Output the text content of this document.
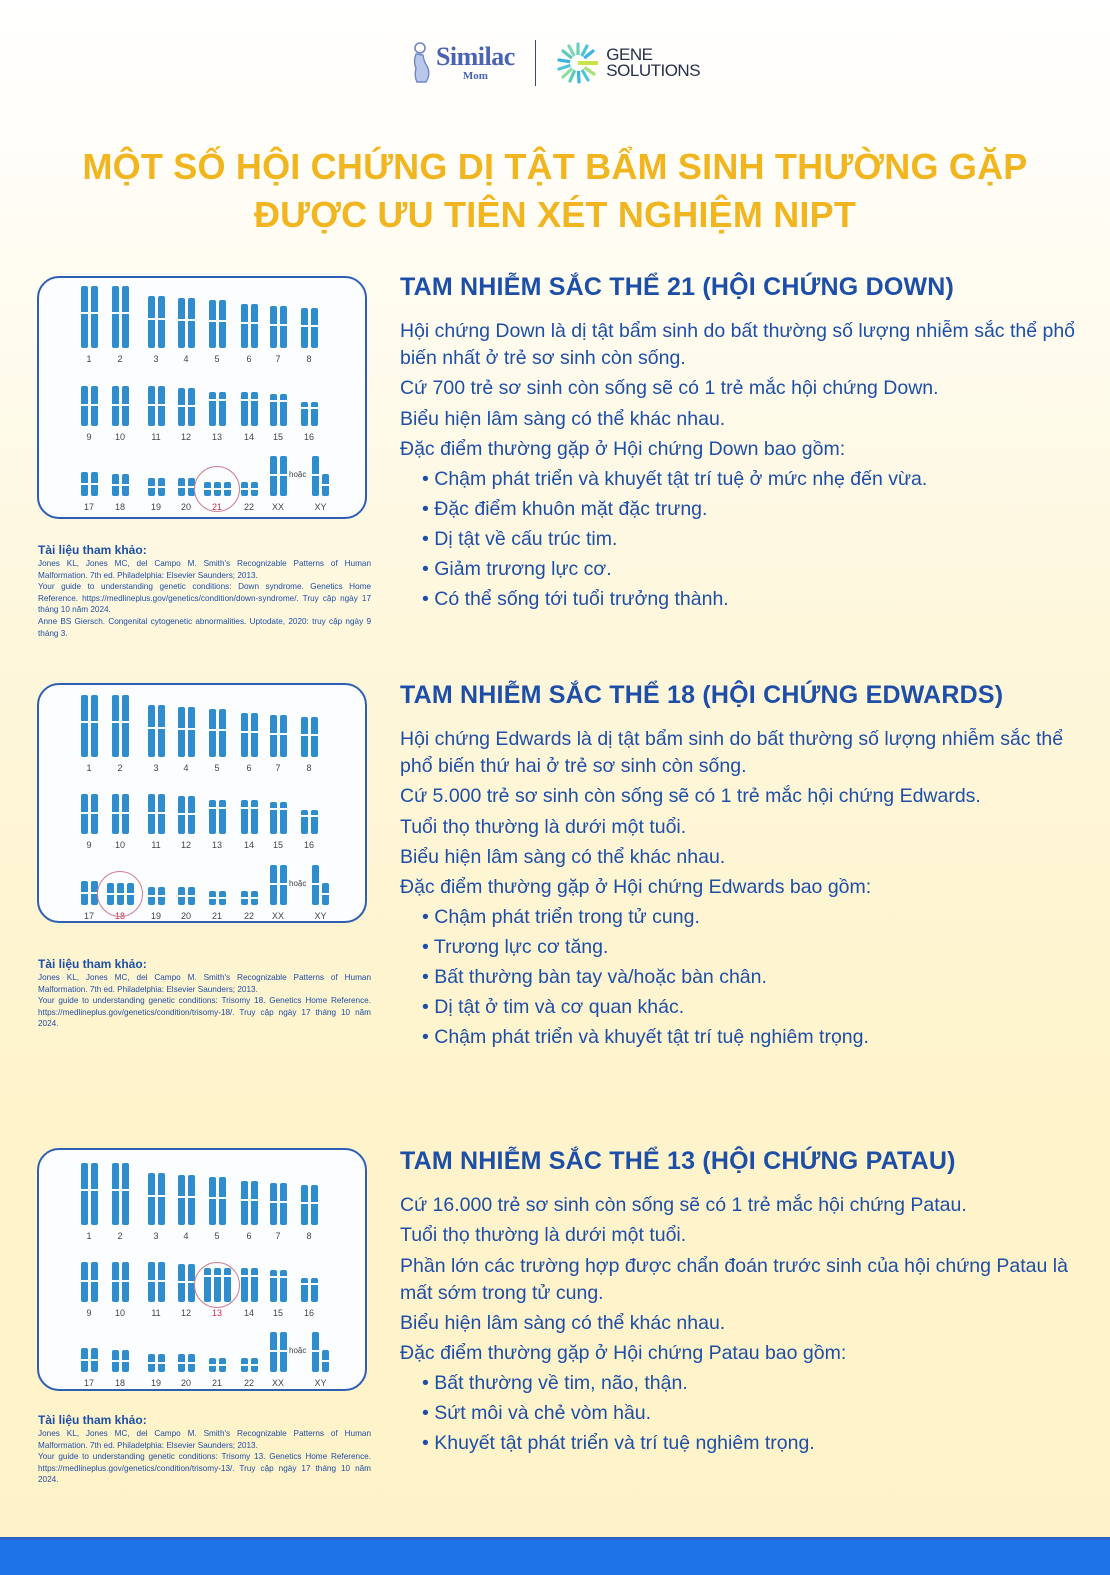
Similac
Mom
GENE
SOLUTIONS
MỘT SỐ HỘI CHỨNG DỊ TẬT BẨM SINH THƯỜNG GẶP
ĐƯỢC ƯU TIÊN XÉT NGHIỆM NIPT
1	2	3	4	5	6	7	8
9	10	11 12 13 14 15 16
17 18	19 20 21 22 XX	XY
hoặc
1	2	3	4	5	6	7	8
9	10	11 12 13 14 15 16
17 18	19 20 21 22 XX	XY
hoặc
1	2	3	4	5	6	7	8
9	10	11 12 13 14 15 16
17 18	19 20 21 22 XX	XY
hoặc
Tài liệu tham khảo:

Jones KL, Jones MC, del Campo M. Smith's Recognizable Patterns of Human Malformation. 7th ed. Philadelphia: Elsevier Saunders; 2013.

Your guide to understanding genetic conditions: Down syndrome. Genetics Home Reference. https://medlineplus.gov/genetics/condition/down-syndrome/. Truy cập ngày 17 tháng 10 năm 2024.

Anne BS Giersch. Congenital cytogenetic abnormalities. Uptodate, 2020: truy cập ngày 9 tháng 3.

Tài liệu tham khảo:

Jones KL, Jones MC, del Campo M. Smith's Recognizable Patterns of Human Malformation. 7th ed. Philadelphia: Elsevier Saunders; 2013.

Your guide to understanding genetic conditions: Trisomy 18. Genetics Home Reference. https://medlineplus.gov/genetics/condition/trisomy-18/. Truy cập ngày 17 tháng 10 năm 2024.

Tài liệu tham khảo:

Jones KL, Jones MC, del Campo M. Smith's Recognizable Patterns of Human Malformation. 7th ed. Philadelphia: Elsevier Saunders; 2013.

Your guide to understanding genetic conditions: Trisomy 13. Genetics Home Reference. https://medlineplus.gov/genetics/condition/trisomy-13/. Truy cập ngày 17 tháng 10 năm 2024.

TAM NHIỄM SẮC THỂ 21 (HỘI CHỨNG DOWN)

Hội chứng Down là dị tật bẩm sinh do bất thường số lượng nhiễm sắc thể phổ biến nhất ở trẻ sơ sinh còn sống.

Cứ 700 trẻ sơ sinh còn sống sẽ có 1 trẻ mắc hội chứng Down.

Biểu hiện lâm sàng có thể khác nhau.

Đặc điểm thường gặp ở Hội chứng Down bao gồm:

• Chậm phát triển và khuyết tật trí tuệ ở mức nhẹ đến vừa.
• Đặc điểm khuôn mặt đặc trưng.
• Dị tật về cấu trúc tim.
• Giảm trương lực cơ.
• Có thể sống tới tuổi trưởng thành.
TAM NHIỄM SẮC THỂ 18 (HỘI CHỨNG EDWARDS)

Hội chứng Edwards là dị tật bẩm sinh do bất thường số lượng nhiễm sắc thể phổ biến thứ hai ở trẻ sơ sinh còn sống.

Cứ 5.000 trẻ sơ sinh còn sống sẽ có 1 trẻ mắc hội chứng Edwards.

Tuổi thọ thường là dưới một tuổi.

Biểu hiện lâm sàng có thể khác nhau.

Đặc điểm thường gặp ở Hội chứng Edwards bao gồm:

• Chậm phát triển trong tử cung.
• Trương lực cơ tăng.
• Bất thường bàn tay và/hoặc bàn chân.
• Dị tật ở tim và cơ quan khác.
• Chậm phát triển và khuyết tật trí tuệ nghiêm trọng.
TAM NHIỄM SẮC THỂ 13 (HỘI CHỨNG PATAU)

Cứ 16.000 trẻ sơ sinh còn sống sẽ có 1 trẻ mắc hội chứng Patau.

Tuổi thọ thường là dưới một tuổi.

Phần lớn các trường hợp được chẩn đoán trước sinh của hội chứng Patau là mất sớm trong tử cung.

Biểu hiện lâm sàng có thể khác nhau.

Đặc điểm thường gặp ở Hội chứng Patau bao gồm:

• Bất thường về tim, não, thận.
• Sứt môi và chẻ vòm hầu.
• Khuyết tật phát triển và trí tuệ nghiêm trọng.
